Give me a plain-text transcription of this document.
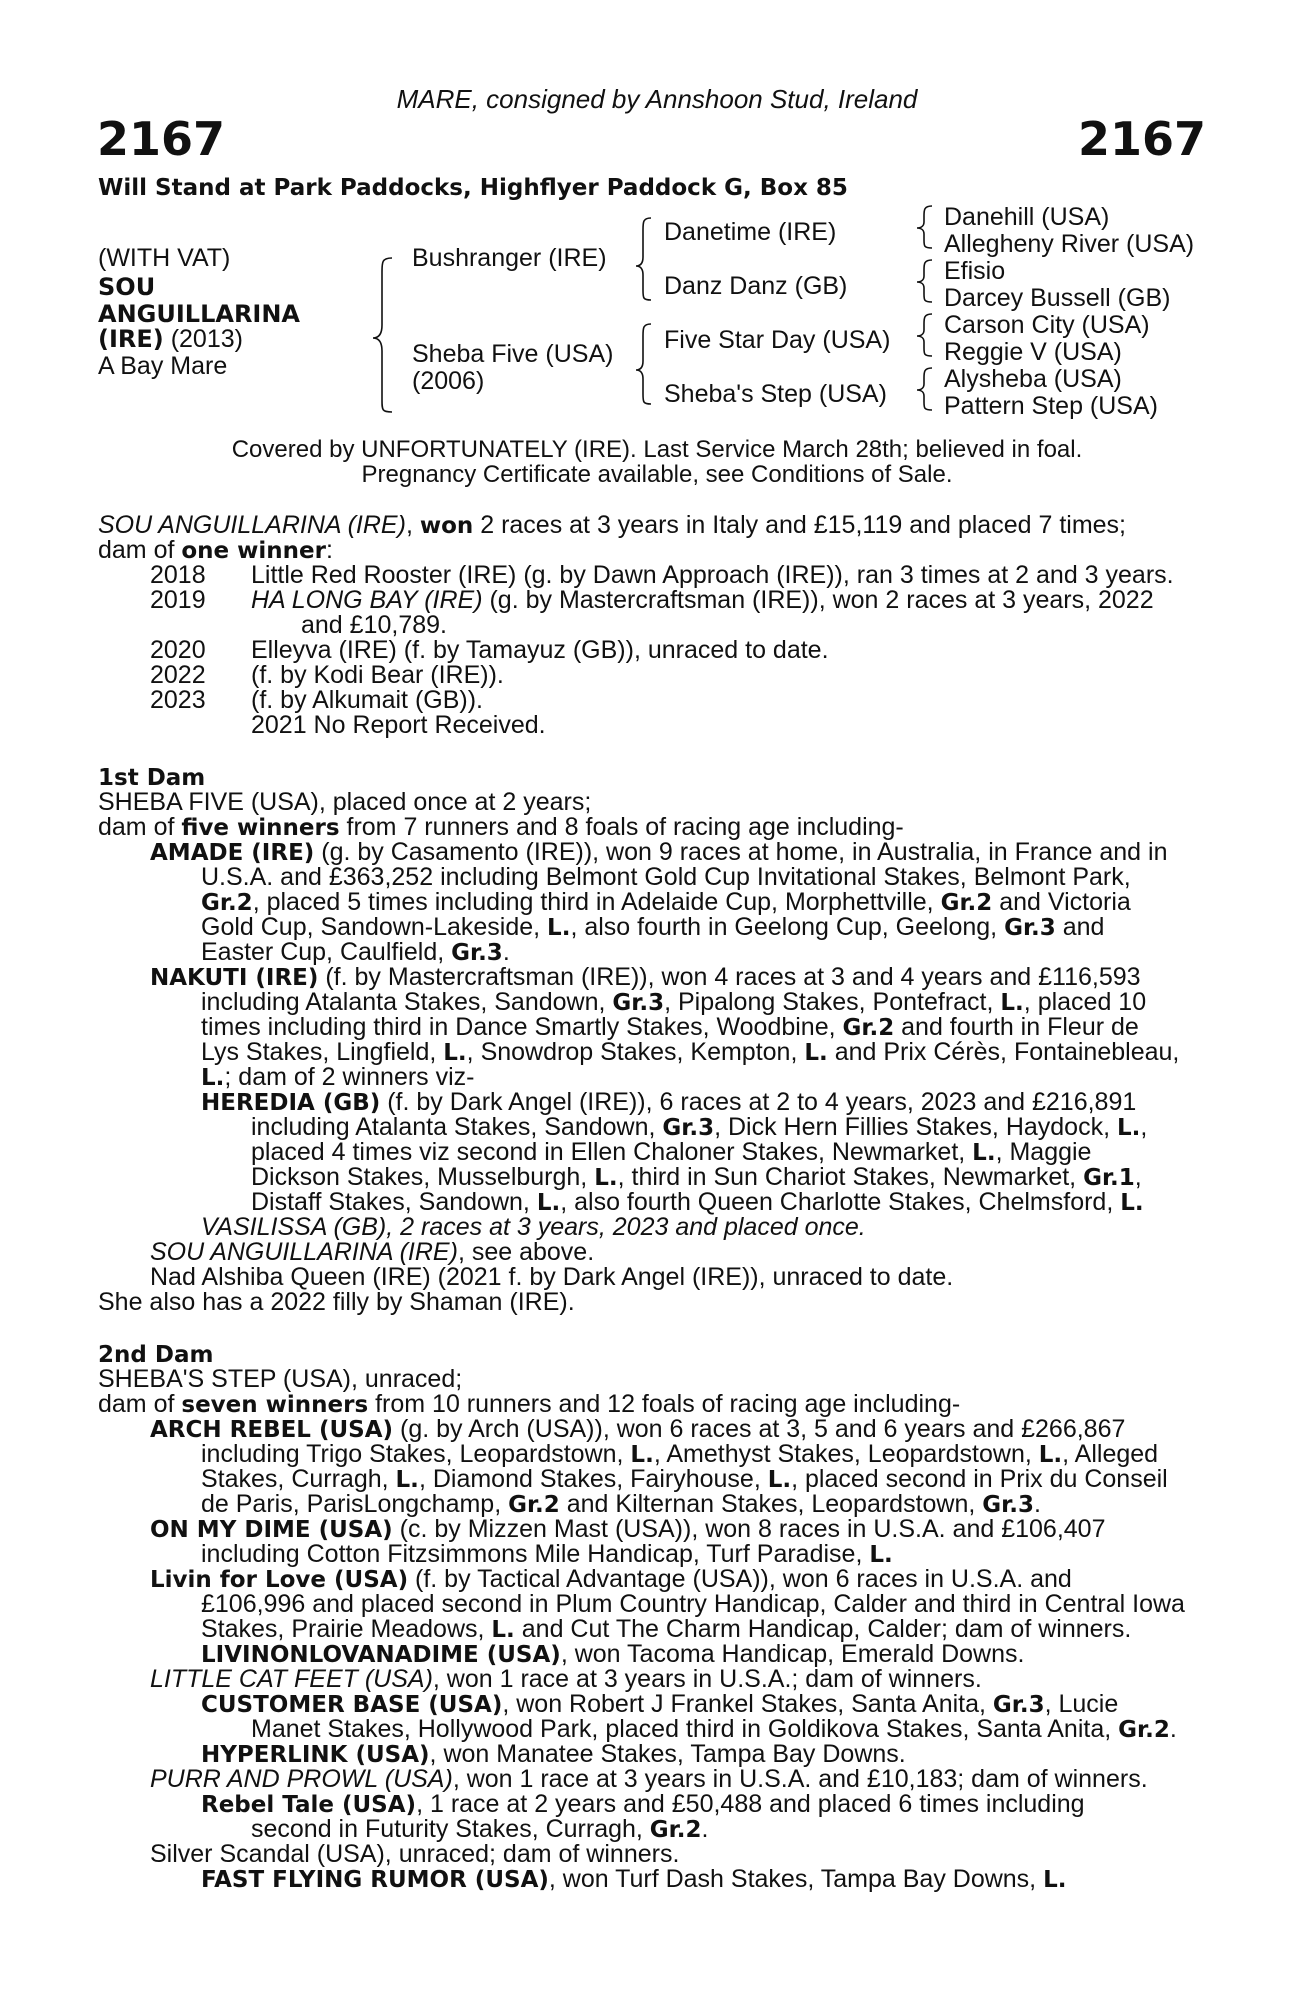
MARE, consigned by Annshoon Stud, Ireland
2167	2167
Will Stand at Park Paddocks, Highflyer Paddock G, Box 85
(WITH VAT)
SOU
ANGUILLARINA
(IRE) (2013)
A Bay Mare
Bushranger (IRE)
Sheba Five (USA)
(2006)
Danetime (IRE)
Danz Danz (GB)
Five Star Day (USA)
Sheba's Step (USA)
Danehill (USA)
Allegheny River (USA)
Efisio
Darcey Bussell (GB)
Carson City (USA)
Reggie V (USA)
Alysheba (USA)
Pattern Step (USA)
Covered by UNFORTUNATELY (IRE). Last Service March 28th; believed in foal.
Pregnancy Certificate available, see Conditions of Sale.
SOU ANGUILLARINA (IRE), won 2 races at 3 years in Italy and £15,119 and placed 7 times;
dam of one winner:
2018 Little Red Rooster (IRE) (g. by Dawn Approach (IRE)), ran 3 times at 2 and 3 years.
2019 HA LONG BAY (IRE) (g. by Mastercraftsman (IRE)), won 2 races at 3 years, 2022
and £10,789.
2020 Elleyva (IRE) (f. by Tamayuz (GB)), unraced to date.
2022 (f. by Kodi Bear (IRE)).
2023 (f. by Alkumait (GB)).
2021 No Report Received.
1st Dam
SHEBA FIVE (USA), placed once at 2 years;
dam of five winners from 7 runners and 8 foals of racing age including-
AMADE (IRE) (g. by Casamento (IRE)), won 9 races at home, in Australia, in France and in
U.S.A. and £363,252 including Belmont Gold Cup Invitational Stakes, Belmont Park,
Gr.2, placed 5 times including third in Adelaide Cup, Morphettville, Gr.2 and Victoria
Gold Cup, Sandown-Lakeside, L., also fourth in Geelong Cup, Geelong, Gr.3 and
Easter Cup, Caulfield, Gr.3.
NAKUTI (IRE) (f. by Mastercraftsman (IRE)), won 4 races at 3 and 4 years and £116,593
including Atalanta Stakes, Sandown, Gr.3, Pipalong Stakes, Pontefract, L., placed 10
times including third in Dance Smartly Stakes, Woodbine, Gr.2 and fourth in Fleur de
Lys Stakes, Lingfield, L., Snowdrop Stakes, Kempton, L. and Prix Cérès, Fontainebleau,
L.; dam of 2 winners viz-
HEREDIA (GB) (f. by Dark Angel (IRE)), 6 races at 2 to 4 years, 2023 and £216,891
including Atalanta Stakes, Sandown, Gr.3, Dick Hern Fillies Stakes, Haydock, L.,
placed 4 times viz second in Ellen Chaloner Stakes, Newmarket, L., Maggie
Dickson Stakes, Musselburgh, L., third in Sun Chariot Stakes, Newmarket, Gr.1,
Distaff Stakes, Sandown, L., also fourth Queen Charlotte Stakes, Chelmsford, L.
VASILISSA (GB), 2 races at 3 years, 2023 and placed once.
SOU ANGUILLARINA (IRE), see above.
Nad Alshiba Queen (IRE) (2021 f. by Dark Angel (IRE)), unraced to date.
She also has a 2022 filly by Shaman (IRE).
2nd Dam
SHEBA'S STEP (USA), unraced;
dam of seven winners from 10 runners and 12 foals of racing age including-
ARCH REBEL (USA) (g. by Arch (USA)), won 6 races at 3, 5 and 6 years and £266,867
including Trigo Stakes, Leopardstown, L., Amethyst Stakes, Leopardstown, L., Alleged
Stakes, Curragh, L., Diamond Stakes, Fairyhouse, L., placed second in Prix du Conseil
de Paris, ParisLongchamp, Gr.2 and Kilternan Stakes, Leopardstown, Gr.3.
ON MY DIME (USA) (c. by Mizzen Mast (USA)), won 8 races in U.S.A. and £106,407
including Cotton Fitzsimmons Mile Handicap, Turf Paradise, L.
Livin for Love (USA) (f. by Tactical Advantage (USA)), won 6 races in U.S.A. and
£106,996 and placed second in Plum Country Handicap, Calder and third in Central Iowa
Stakes, Prairie Meadows, L. and Cut The Charm Handicap, Calder; dam of winners.
LIVINONLOVANADIME (USA), won Tacoma Handicap, Emerald Downs.
LITTLE CAT FEET (USA), won 1 race at 3 years in U.S.A.; dam of winners.
CUSTOMER BASE (USA), won Robert J Frankel Stakes, Santa Anita, Gr.3, Lucie
Manet Stakes, Hollywood Park, placed third in Goldikova Stakes, Santa Anita, Gr.2.
HYPERLINK (USA), won Manatee Stakes, Tampa Bay Downs.
PURR AND PROWL (USA), won 1 race at 3 years in U.S.A. and £10,183; dam of winners.
Rebel Tale (USA), 1 race at 2 years and £50,488 and placed 6 times including
second in Futurity Stakes, Curragh, Gr.2.
Silver Scandal (USA), unraced; dam of winners.
FAST FLYING RUMOR (USA), won Turf Dash Stakes, Tampa Bay Downs, L.
